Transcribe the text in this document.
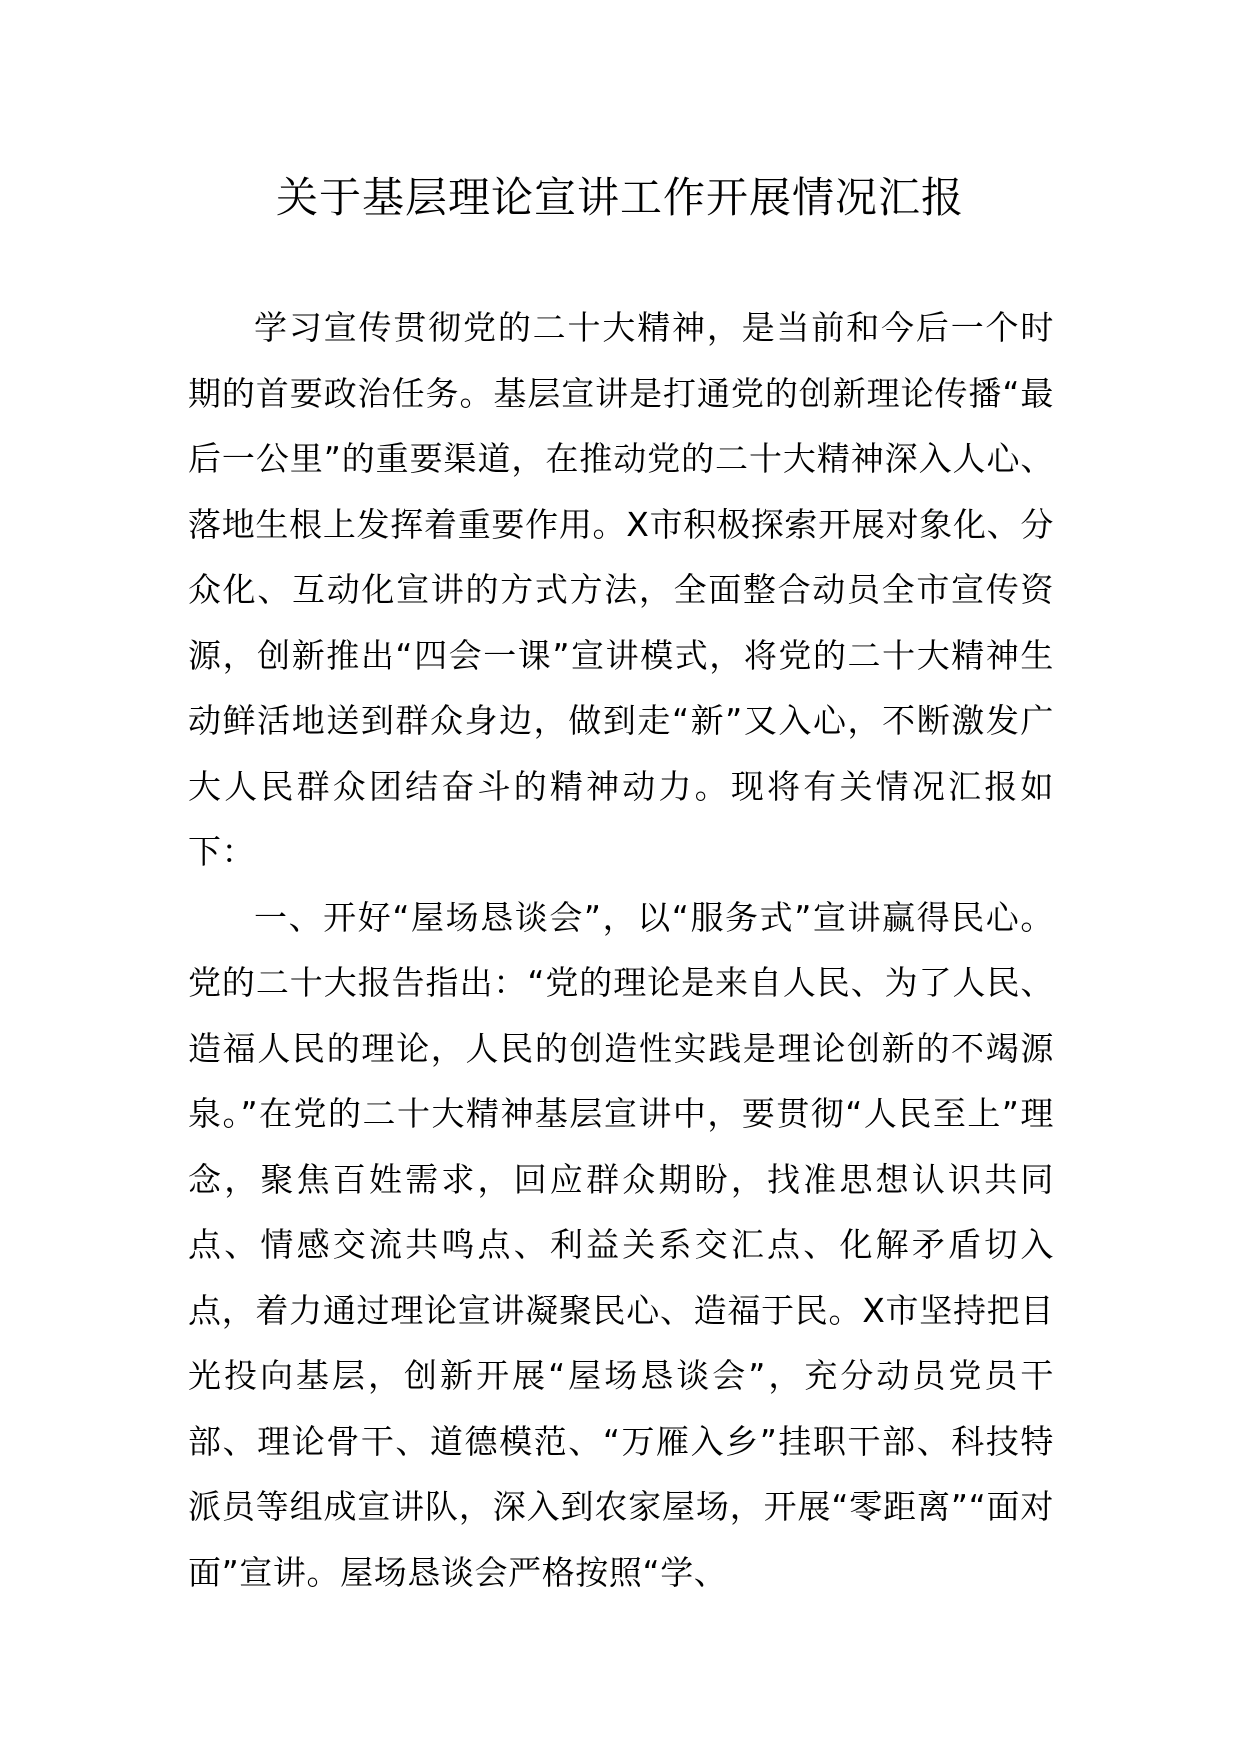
关于基层理论宣讲工作开展情况汇报

学习宣传贯彻党的二十大精神，是当前和今后一个时期的首要政治任务。基层宣讲是打通党的创新理论传播“最后一公里”的重要渠道，在推动党的二十大精神深入人心、落地生根上发挥着重要作用。X市积极探索开展对象化、分众化、互动化宣讲的方式方法，全面整合动员全市宣传资源，创新推出“四会一课”宣讲模式，将党的二十大精神生动鲜活地送到群众身边，做到走“新”又入心，不断激发广大人民群众团结奋斗的精神动力。现将有关情况汇报如下：

一、开好“屋场恳谈会”，以“服务式”宣讲赢得民心。党的二十大报告指出：“党的理论是来自人民、为了人民、造福人民的理论，人民的创造性实践是理论创新的不竭源泉。”在党的二十大精神基层宣讲中，要贯彻“人民至上”理念，聚焦百姓需求，回应群众期盼，找准思想认识共同点、情感交流共鸣点、利益关系交汇点、化解矛盾切入点，着力通过理论宣讲凝聚民心、造福于民。X市坚持把目光投向基层，创新开展“屋场恳谈会”，充分动员党员干部、理论骨干、道德模范、“万雁入乡”挂职干部、科技特派员等组成宣讲队，深入到农家屋场，开展“零距离”“面对面”宣讲。屋场恳谈会严格按照“学、
